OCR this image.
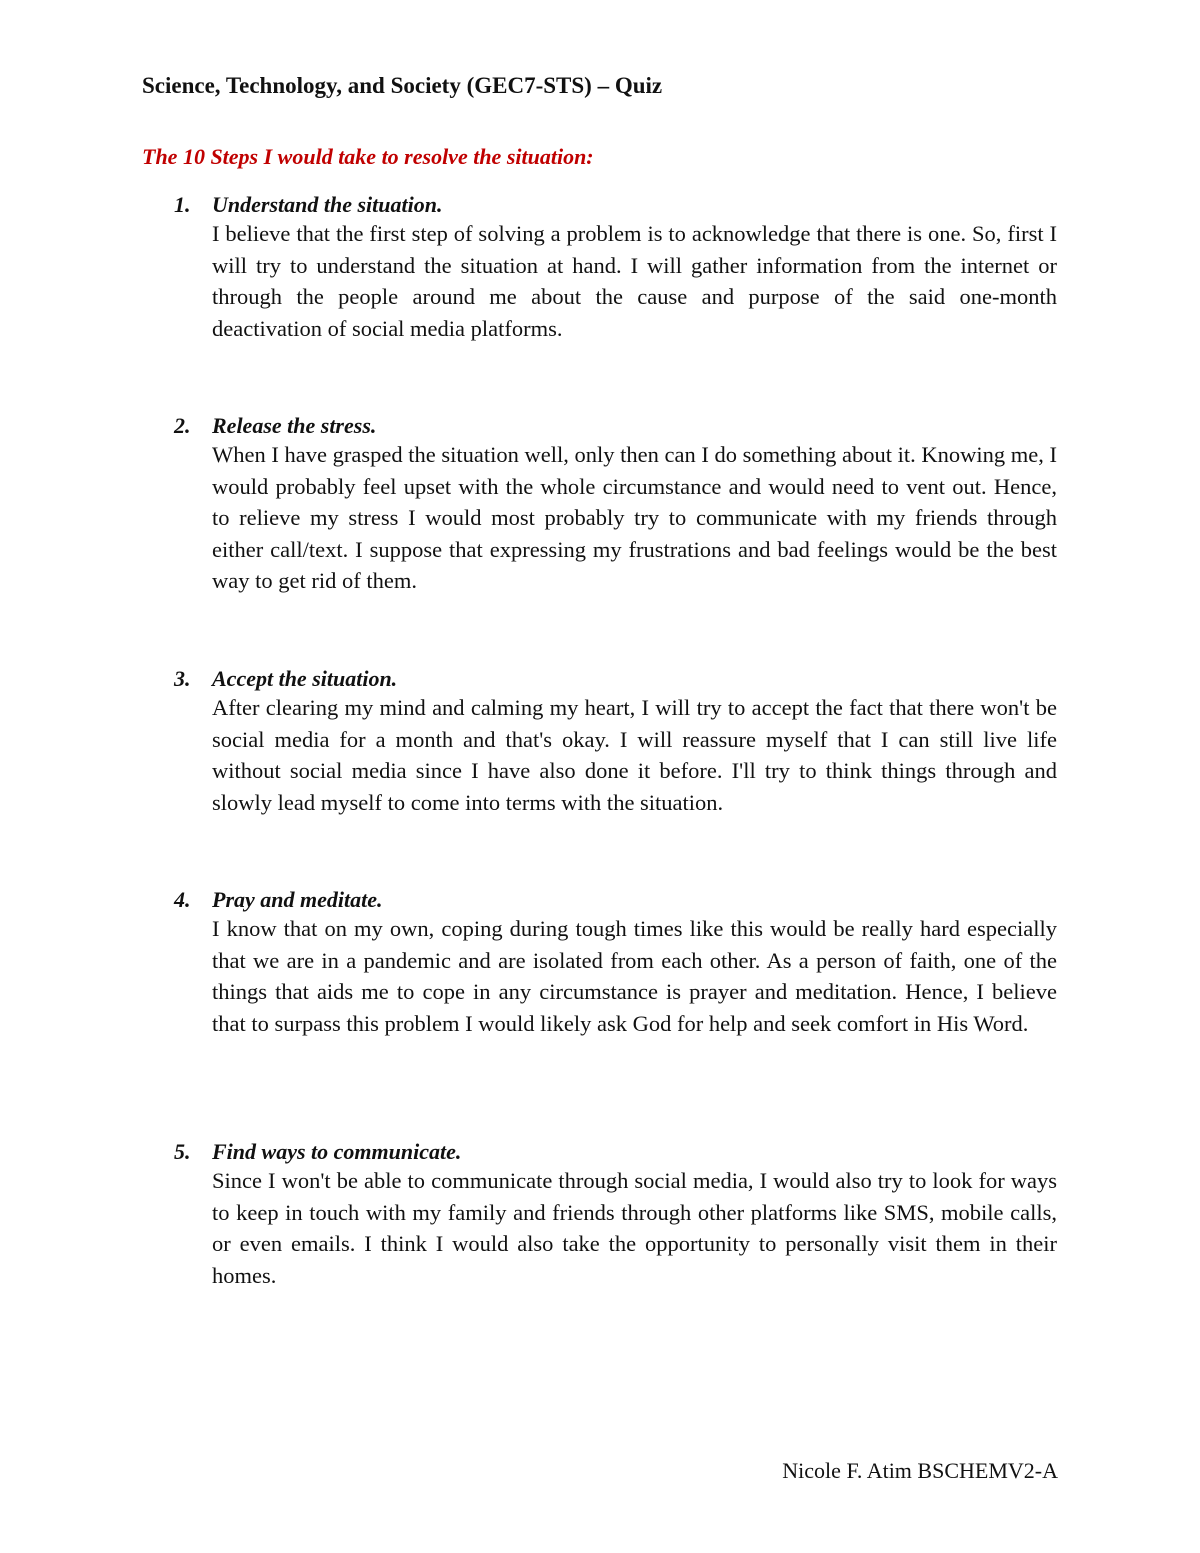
Science, Technology, and Society (GEC7-STS) – Quiz
The 10 Steps I would take to resolve the situation:
1. Understand the situation.

I believe that the first step of solving a problem is to acknowledge that there is one. So, first I will try to understand the situation at hand. I will gather information from the internet or through the people around me about the cause and purpose of the said one-month deactivation of social media platforms.

2. Release the stress.

When I have grasped the situation well, only then can I do something about it. Knowing me, I would probably feel upset with the whole circumstance and would need to vent out. Hence, to relieve my stress I would most probably try to communicate with my friends through either call/text. I suppose that expressing my frustrations and bad feelings would be the best way to get rid of them.

3. Accept the situation.

After clearing my mind and calming my heart, I will try to accept the fact that there won't be social media for a month and that's okay. I will reassure myself that I can still live life without social media since I have also done it before. I'll try to think things through and slowly lead myself to come into terms with the situation.

4. Pray and meditate.

I know that on my own, coping during tough times like this would be really hard especially that we are in a pandemic and are isolated from each other. As a person of faith, one of the things that aids me to cope in any circumstance is prayer and meditation. Hence, I believe that to surpass this problem I would likely ask God for help and seek comfort in His Word.

5. Find ways to communicate.

Since I won't be able to communicate through social media, I would also try to look for ways to keep in touch with my family and friends through other platforms like SMS, mobile calls, or even emails. I think I would also take the opportunity to personally visit them in their homes.

Nicole F. Atim BSCHEMV2-A
